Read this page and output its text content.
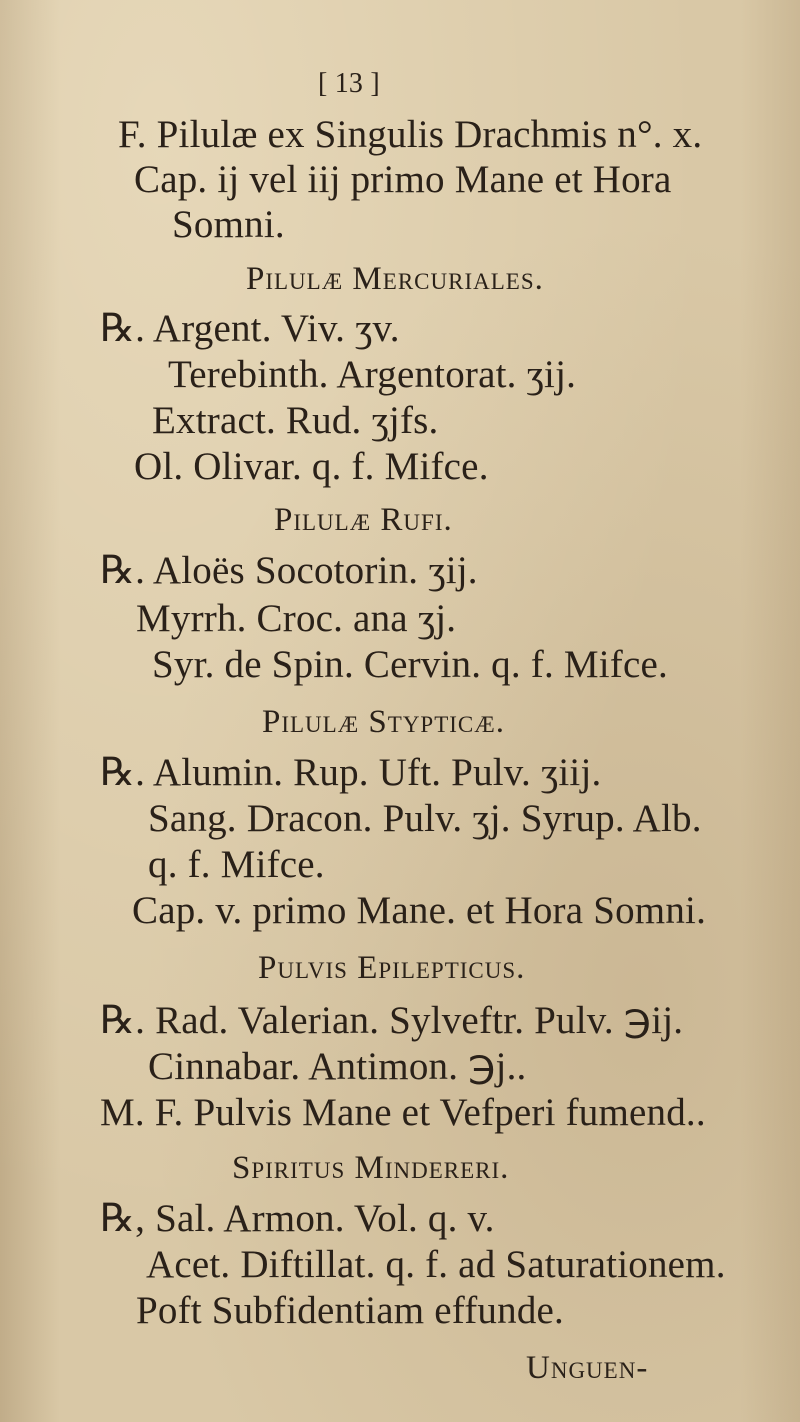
[ 13 ]
F. Pilulæ ex Singulis Drachmis n°. x.
Cap. ij vel iij primo Mane et Hora
Somni.
Pilulæ Mercuriales.
℞. Argent. Viv. ʒv.
Terebinth. Argentorat. ʒij.
Extract. Rud. ʒjfs.
Ol. Olivar. q. f. Mifce.
Pilulæ Rufi.
℞. Aloës Socotorin. ʒij.
Myrrh. Croc. ana ʒj.
Syr. de Spin. Cervin. q. f. Mifce.
Pilulæ Stypticæ.
℞. Alumin. Rup. Uft. Pulv. ʒiij.
Sang. Dracon. Pulv. ʒj. Syrup. Alb.
q. f. Mifce.
Cap. v. primo Mane. et Hora Somni.
Pulvis Epilepticus.
℞. Rad. Valerian. Sylveftr. Pulv. ℈ij.
Cinnabar. Antimon. ℈j..
M. F. Pulvis Mane et Vefperi fumend..
Spiritus Mindereri.
℞, Sal. Armon. Vol. q. v.
Acet. Diftillat. q. f. ad Saturationem.
Poft Subfidentiam effunde.
Unguen-
